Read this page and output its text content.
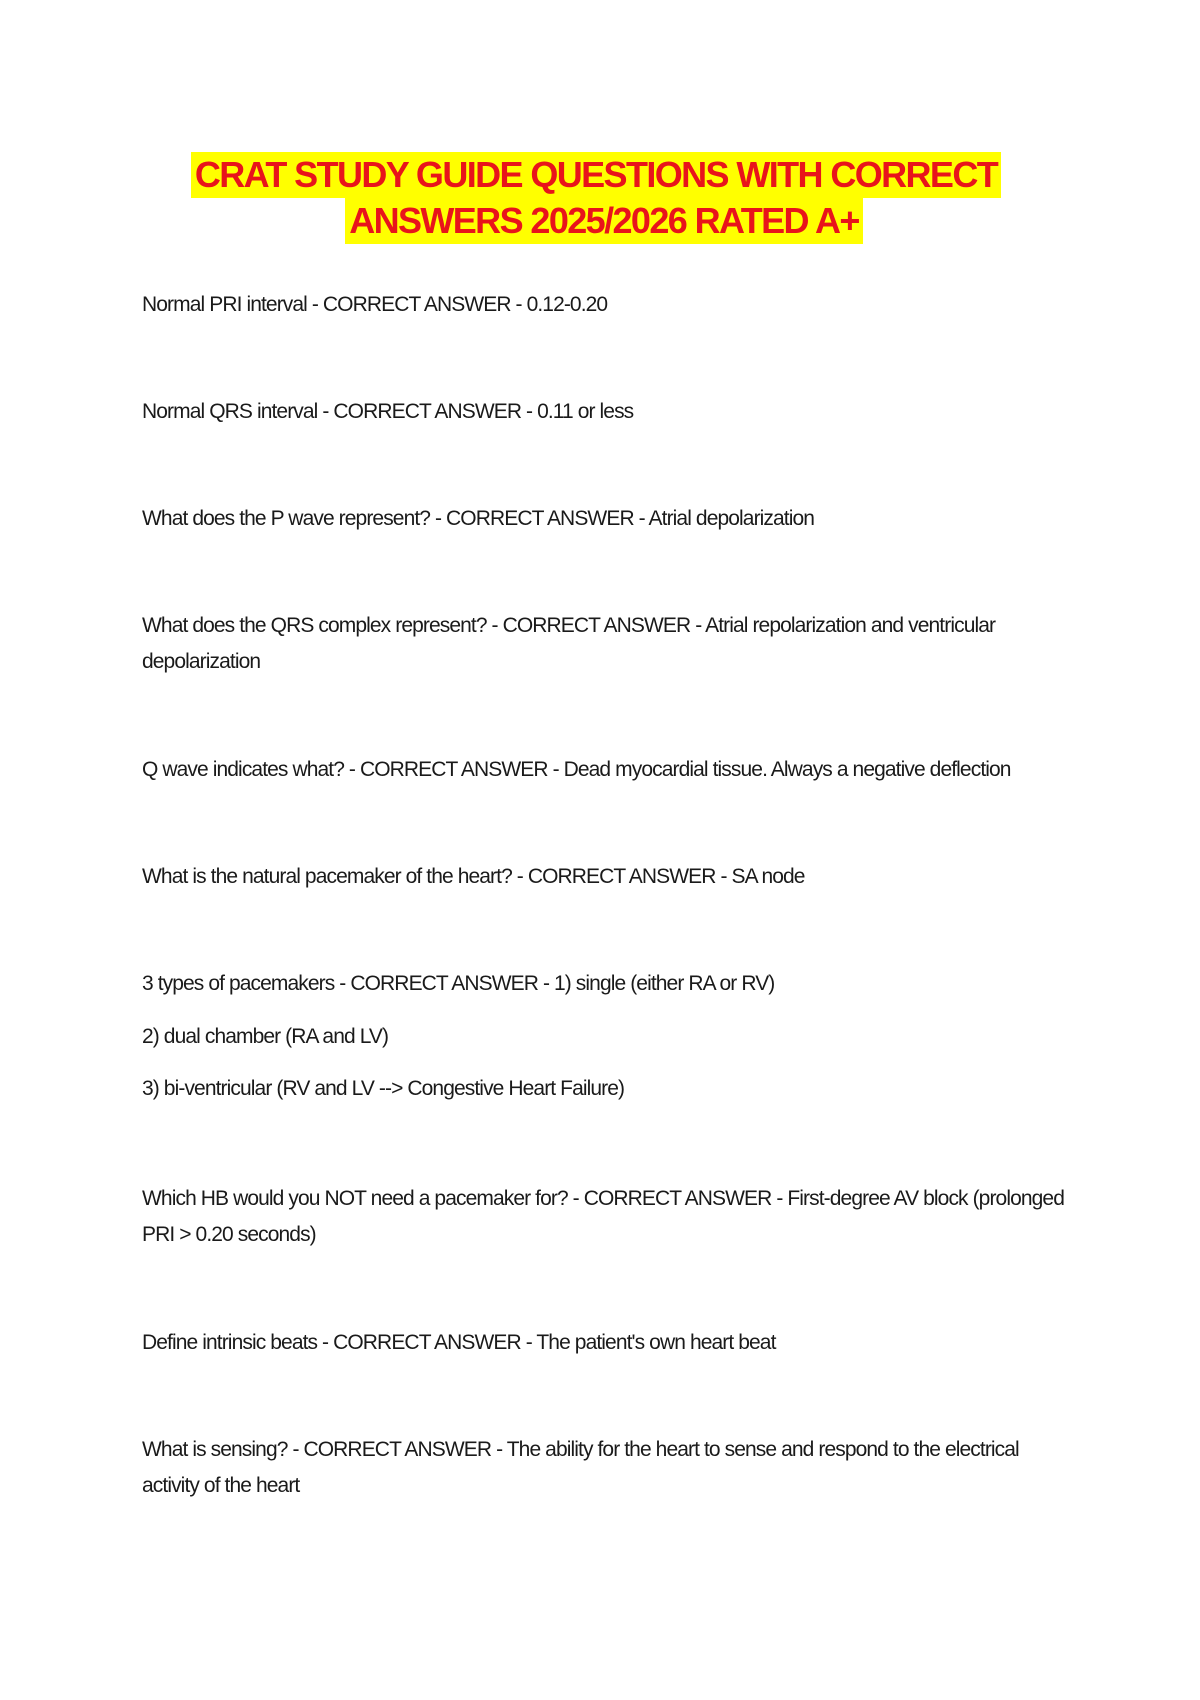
CRAT STUDY GUIDE QUESTIONS WITH CORRECT
ANSWERS 2025/2026 RATED A+
Normal PRI interval - CORRECT ANSWER - 0.12-0.20
Normal QRS interval - CORRECT ANSWER - 0.11 or less
What does the P wave represent? - CORRECT ANSWER - Atrial depolarization
What does the QRS complex represent? - CORRECT ANSWER - Atrial repolarization and ventricular depolarization
Q wave indicates what? - CORRECT ANSWER - Dead myocardial tissue. Always a negative deflection
What is the natural pacemaker of the heart? - CORRECT ANSWER - SA node
3 types of pacemakers - CORRECT ANSWER - 1) single (either RA or RV)
2) dual chamber (RA and LV)
3) bi-ventricular (RV and LV --> Congestive Heart Failure)
Which HB would you NOT need a pacemaker for? - CORRECT ANSWER - First-degree AV block (prolonged PRI > 0.20 seconds)
Define intrinsic beats - CORRECT ANSWER - The patient's own heart beat
What is sensing? - CORRECT ANSWER - The ability for the heart to sense and respond to the electrical activity of the heart
